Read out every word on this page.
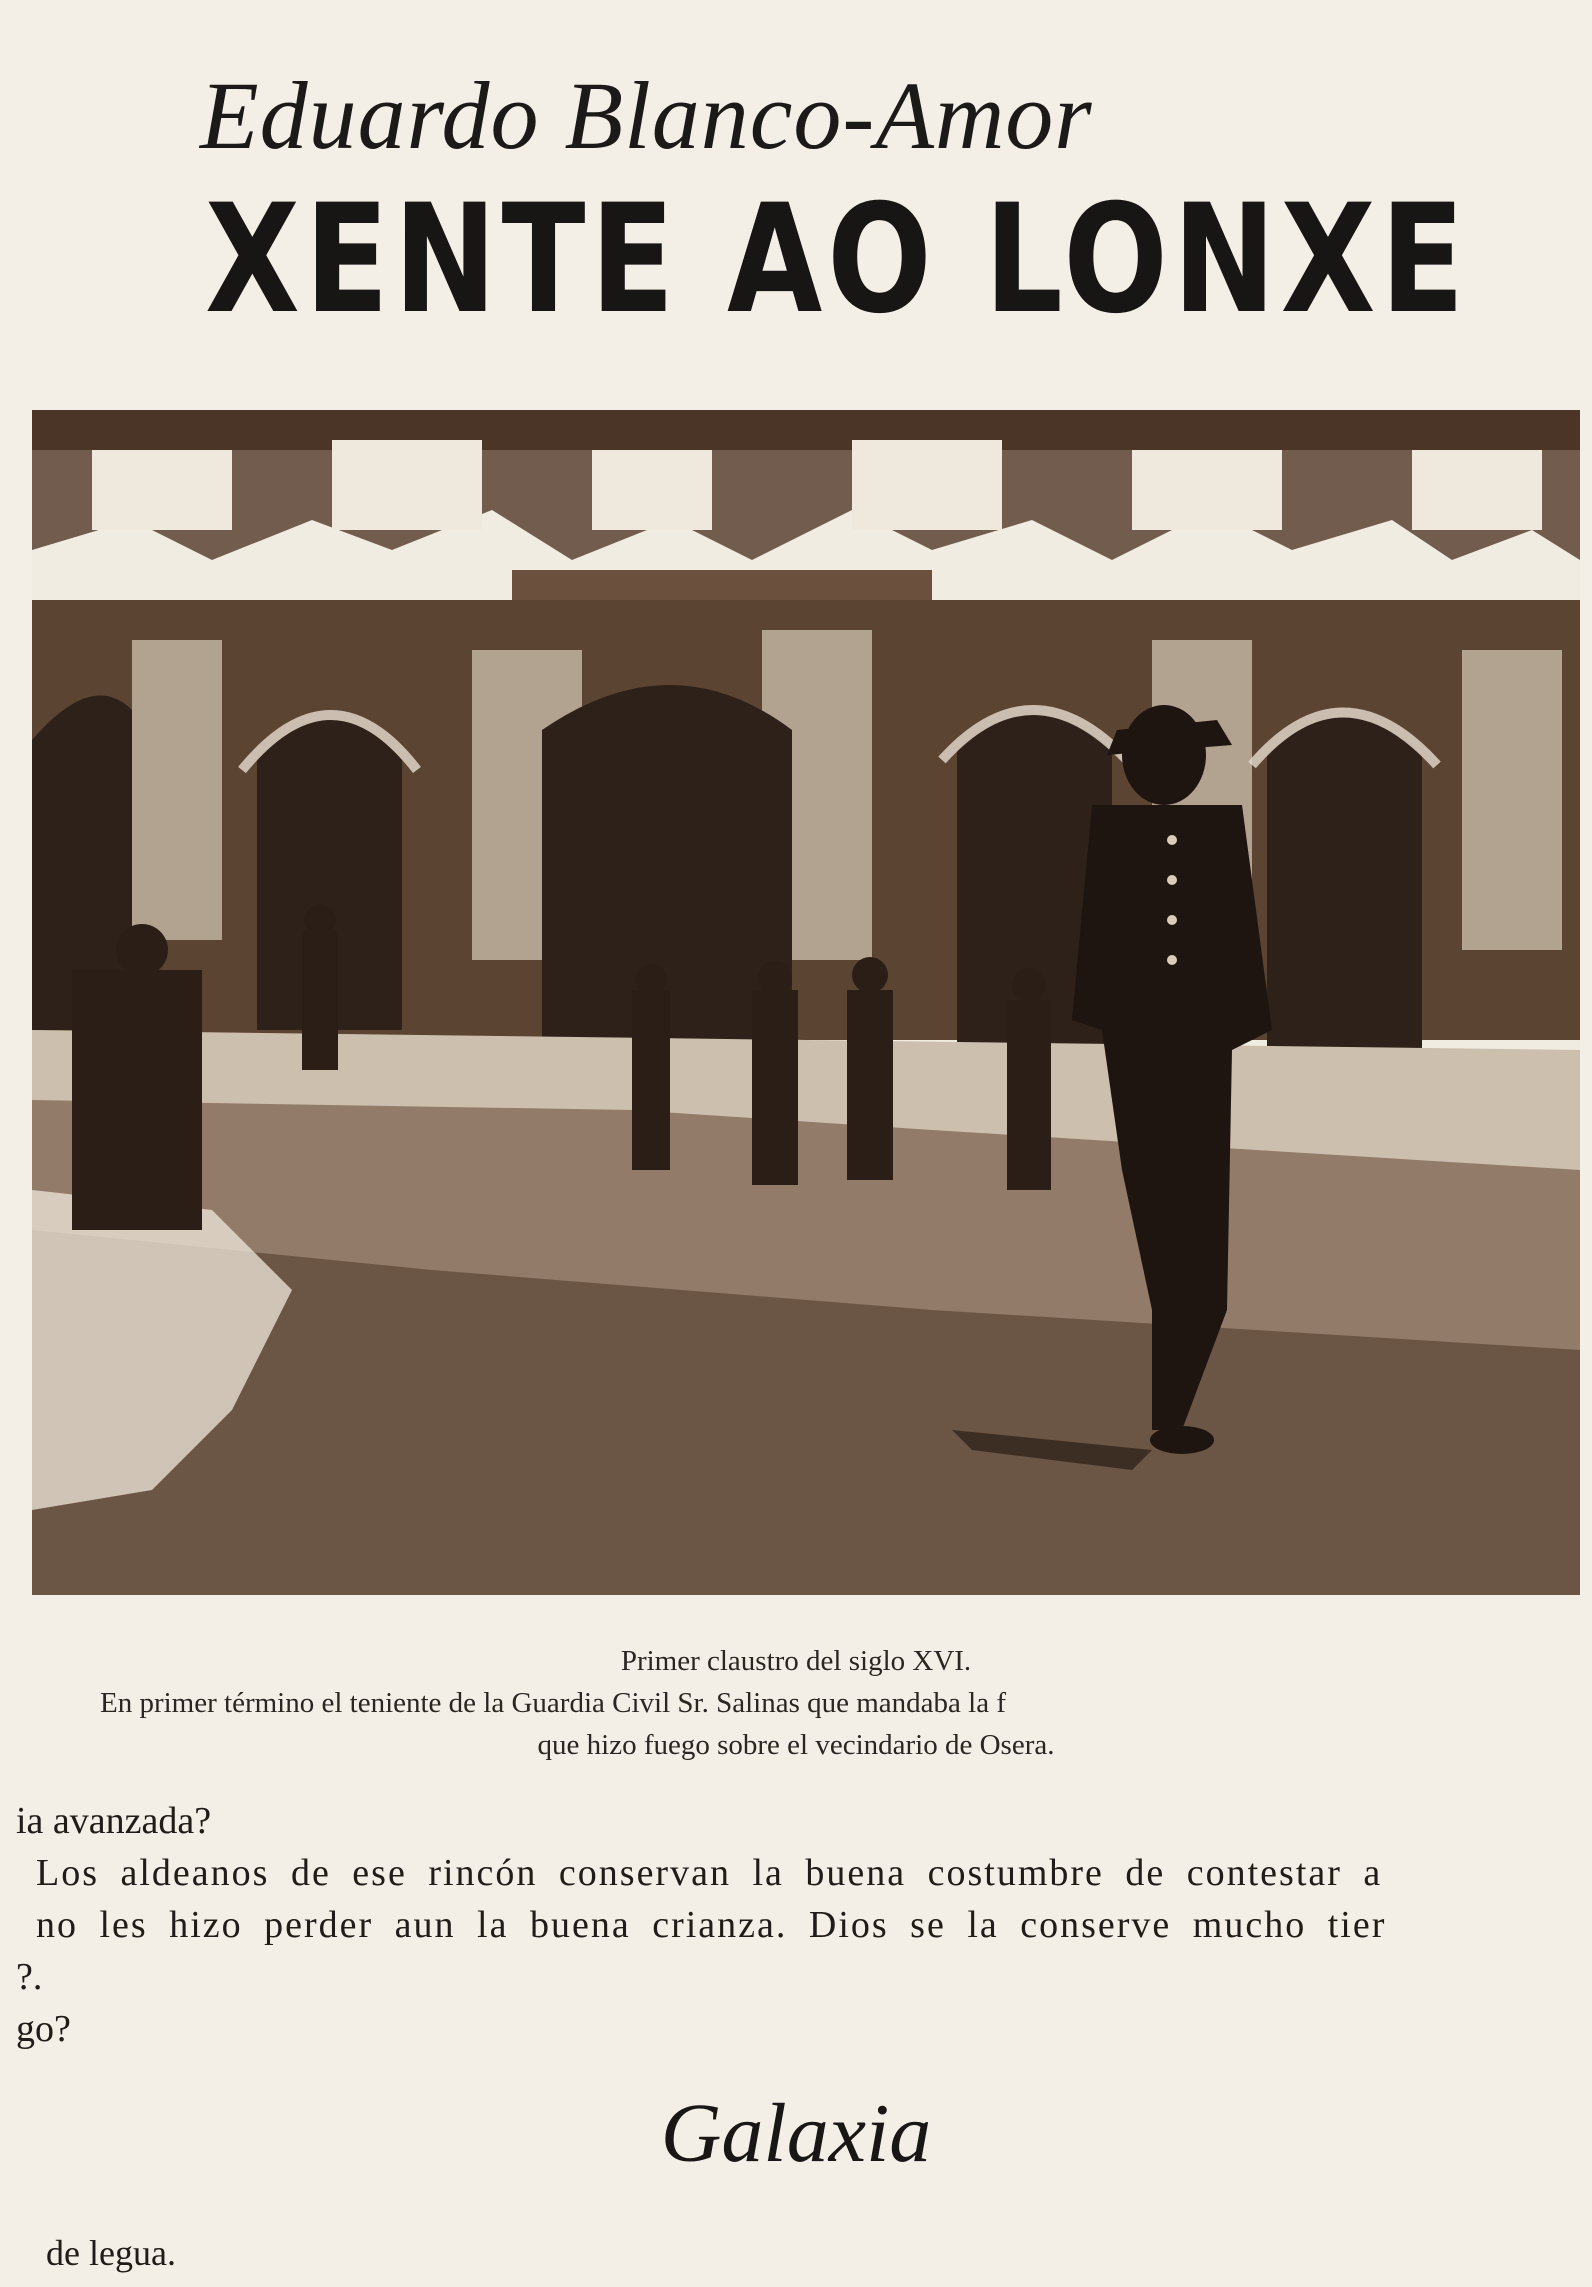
Eduardo Blanco-Amor
XENTE AO LONXE
Primer claustro del siglo XVI.
En primer término el teniente de la Guardia Civil Sr. Salinas que mandaba la f
que hizo fuego sobre el vecindario de Osera.
ia avanzada?
Los aldeanos de ese rincón conservan la buena costumbre de contestar a
no les hizo perder aun la buena crianza. Dios se la conserve mucho tier
?.
go?
Galaxia
de legua.
